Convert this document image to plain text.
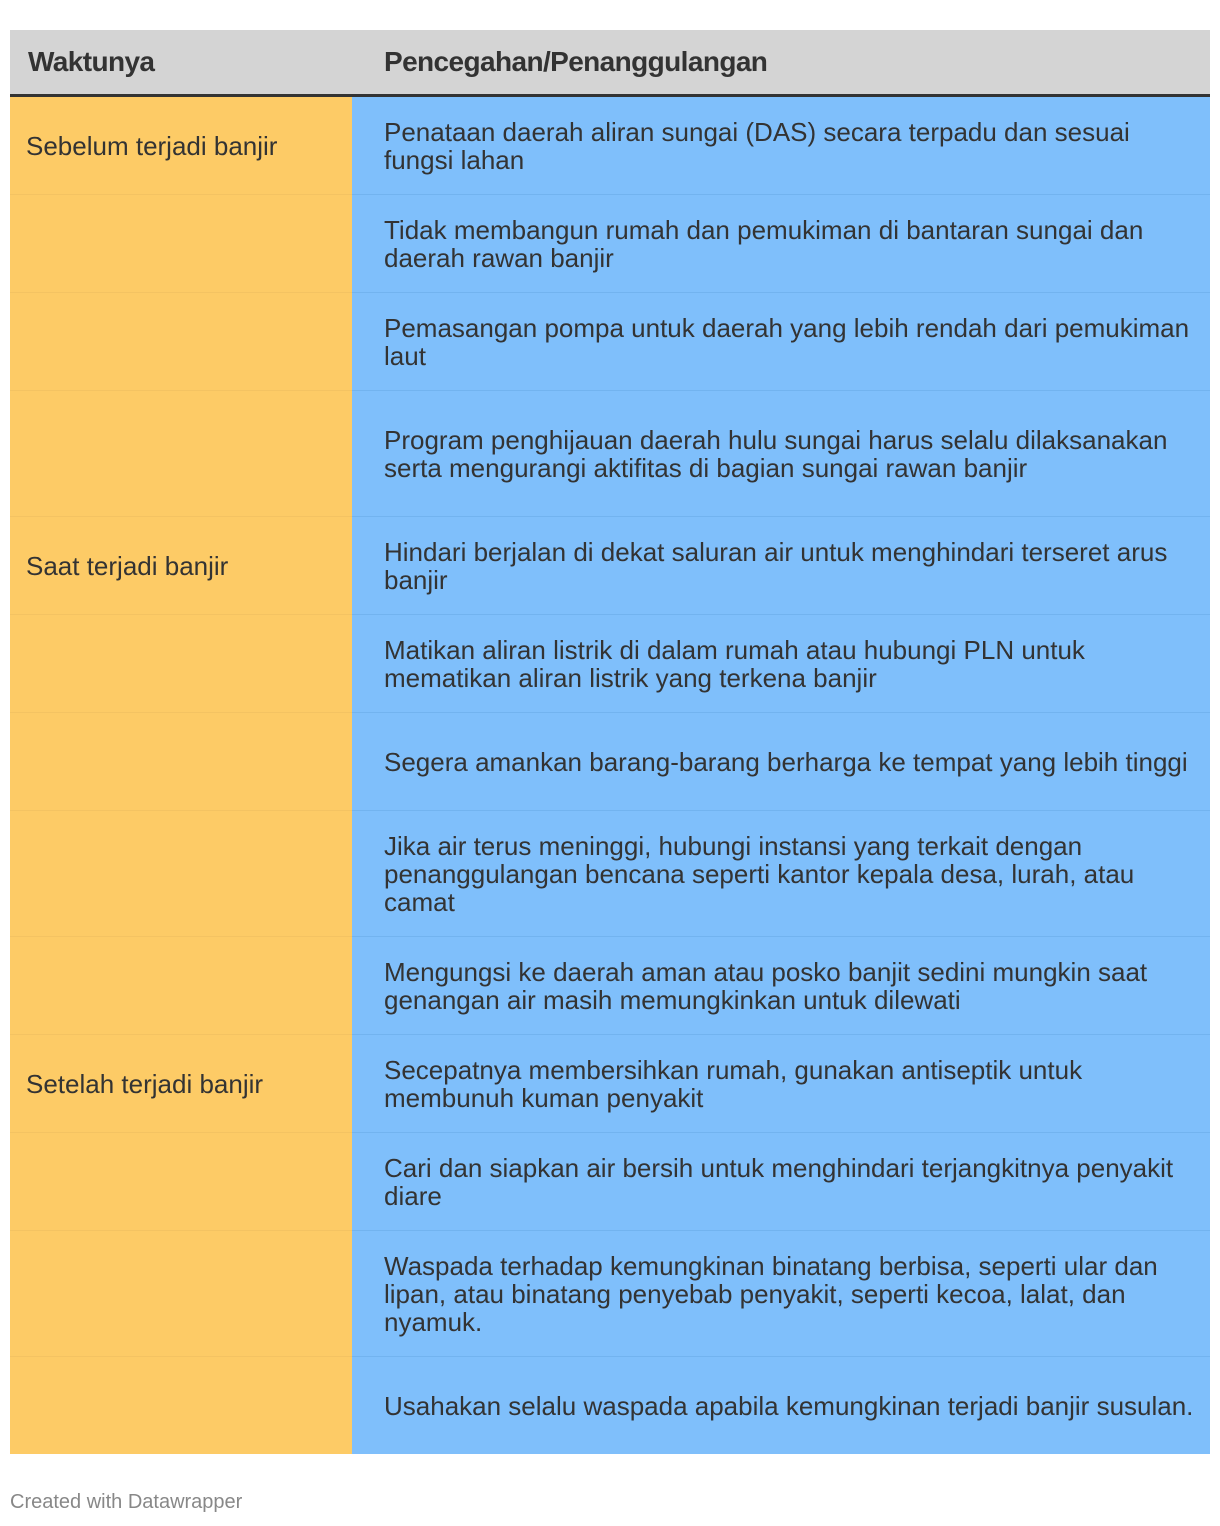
Waktunya	Pencegahan/Penanggulangan
Sebelum terjadi banjir	Penataan daerah aliran sungai (DAS) secara terpadu dan sesuai fungsi lahan
	Tidak membangun rumah dan pemukiman di bantaran sungai dan daerah rawan banjir
	Pemasangan pompa untuk daerah yang lebih rendah dari pemukiman laut
	Program penghijauan daerah hulu sungai harus selalu dilaksanakan serta mengurangi aktifitas di bagian sungai rawan banjir
Saat terjadi banjir	Hindari berjalan di dekat saluran air untuk menghindari terseret arus banjir
	Matikan aliran listrik di dalam rumah atau hubungi PLN untuk mematikan aliran listrik yang terkena banjir
	Segera amankan barang-barang berharga ke tempat yang lebih tinggi
	Jika air terus meninggi, hubungi instansi yang terkait dengan penanggulangan bencana seperti kantor kepala desa, lurah, atau camat
	Mengungsi ke daerah aman atau posko banjit sedini mungkin saat genangan air masih memungkinkan untuk dilewati
Setelah terjadi banjir	Secepatnya membersihkan rumah, gunakan antiseptik untuk membunuh kuman penyakit
	Cari dan siapkan air bersih untuk menghindari terjangkitnya penyakit diare
	Waspada terhadap kemungkinan binatang berbisa, seperti ular dan lipan, atau binatang penyebab penyakit, seperti kecoa, lalat, dan nyamuk.
	Usahakan selalu waspada apabila kemungkinan terjadi banjir susulan.
Created with Datawrapper
